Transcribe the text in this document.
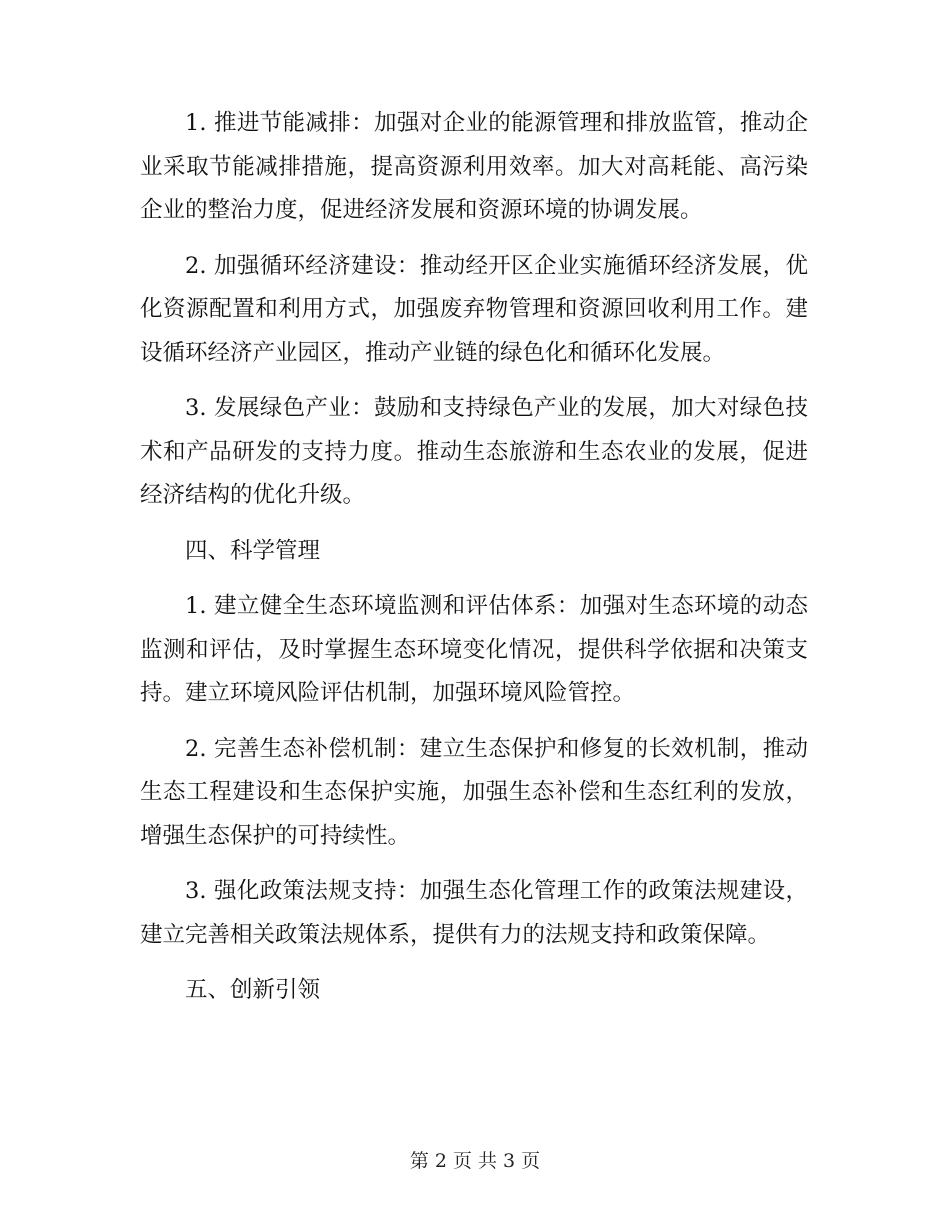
1. 推进节能减排：加强对企业的能源管理和排放监管，推动企业采取节能减排措施，提高资源利用效率。加大对高耗能、高污染企业的整治力度，促进经济发展和资源环境的协调发展。

2. 加强循环经济建设：推动经开区企业实施循环经济发展，优化资源配置和利用方式，加强废弃物管理和资源回收利用工作。建设循环经济产业园区，推动产业链的绿色化和循环化发展。

3. 发展绿色产业：鼓励和支持绿色产业的发展，加大对绿色技术和产品研发的支持力度。推动生态旅游和生态农业的发展，促进经济结构的优化升级。

四、科学管理

1. 建立健全生态环境监测和评估体系：加强对生态环境的动态监测和评估，及时掌握生态环境变化情况，提供科学依据和决策支持。建立环境风险评估机制，加强环境风险管控。

2. 完善生态补偿机制：建立生态保护和修复的长效机制，推动生态工程建设和生态保护实施，加强生态补偿和生态红利的发放，增强生态保护的可持续性。

3. 强化政策法规支持：加强生态化管理工作的政策法规建设，建立完善相关政策法规体系，提供有力的法规支持和政策保障。

五、创新引领

第 2 页 共 3 页
